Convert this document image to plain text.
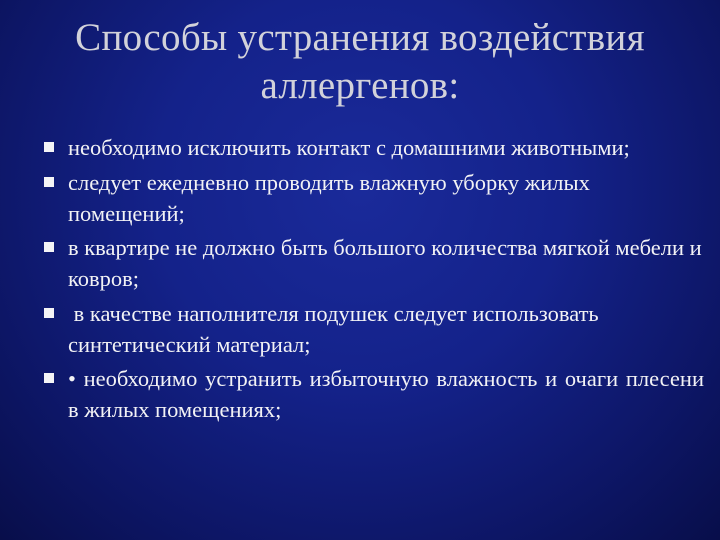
Способы устранения воздействия
аллергенов:
необходимо исключить контакт с домашними животными;
следует ежедневно проводить влажную уборку жилых помещений;
в квартире не должно быть большого количества мягкой мебели и ковров;
в качестве наполнителя подушек следует использовать синтетический материал;
• необходимо устранить избыточную влажность и очаги плесени в жилых помещениях;
